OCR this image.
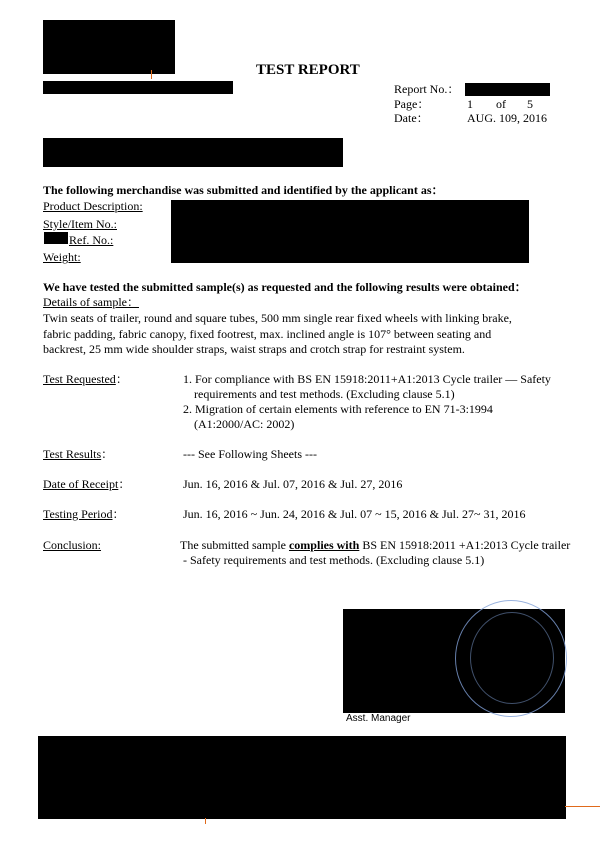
TEST REPORT
Report No.：
Page：	1 of 5
Date：	AUG. 109, 2016
The following merchandise was submitted and identified by the applicant as：
Product Description:
Style/Item No.:
Ref. No.:
Weight:
We have tested the submitted sample(s) as requested and the following results were obtained：
Details of sample：
Twin seats of trailer, round and square tubes, 500 mm single rear fixed wheels with linking brake,
fabric padding, fabric canopy, fixed footrest, max. inclined angle is 107° between seating and
backrest, 25 mm wide shoulder straps, waist straps and crotch strap for restraint system.
Test Requested：	1. For compliance with BS EN 15918:2011+A1:2013 Cycle trailer — Safety
requirements and test methods. (Excluding clause 5.1)
2. Migration of certain elements with reference to EN 71-3:1994
(A1:2000/AC: 2002)
Test Results：	--- See Following Sheets ---
Date of Receipt：	Jun. 16, 2016 & Jul. 07, 2016 & Jul. 27, 2016
Testing Period：	Jun. 16, 2016 ~ Jun. 24, 2016 & Jul. 07 ~ 15, 2016 & Jul. 27~ 31, 2016
Conclusion:	The submitted sample complies with BS EN 15918:2011 +A1:2013 Cycle trailer
- Safety requirements and test methods. (Excluding clause 5.1)
Asst. Manager
